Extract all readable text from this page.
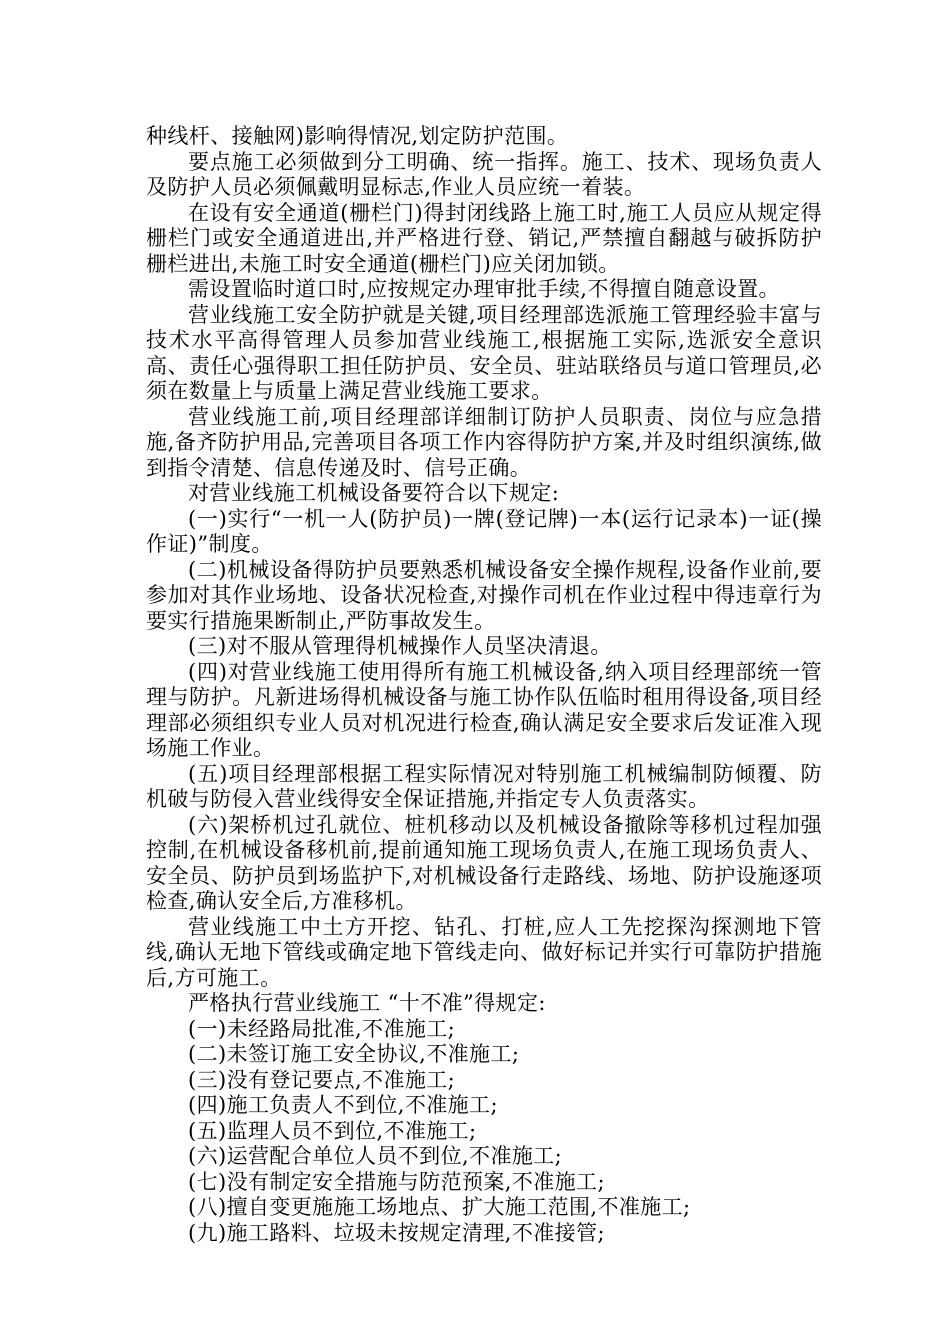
种线杆、接触网)影响得情况,划定防护范围。

要点施工必须做到分工明确、统一指挥。施工、技术、现场负责人及防护人员必须佩戴明显标志,作业人员应统一着装。

在设有安全通道(栅栏门)得封闭线路上施工时,施工人员应从规定得栅栏门或安全通道进出,并严格进行登、销记,严禁擅自翻越与破拆防护栅栏进出,未施工时安全通道(栅栏门)应关闭加锁。

需设置临时道口时,应按规定办理审批手续,不得擅自随意设置。

营业线施工安全防护就是关键,项目经理部选派施工管理经验丰富与技术水平高得管理人员参加营业线施工,根据施工实际,选派安全意识高、责任心强得职工担任防护员、安全员、驻站联络员与道口管理员,必须在数量上与质量上满足营业线施工要求。

营业线施工前,项目经理部详细制订防护人员职责、岗位与应急措施,备齐防护用品,完善项目各项工作内容得防护方案,并及时组织演练,做到指令清楚、信息传递及时、信号正确。

对营业线施工机械设备要符合以下规定:

(一)实行“一机一人(防护员)一牌(登记牌)一本(运行记录本)一证(操作证)”制度。

(二)机械设备得防护员要熟悉机械设备安全操作规程,设备作业前,要参加对其作业场地、设备状况检查,对操作司机在作业过程中得违章行为要实行措施果断制止,严防事故发生。

(三)对不服从管理得机械操作人员坚决清退。

(四)对营业线施工使用得所有施工机械设备,纳入项目经理部统一管理与防护。凡新进场得机械设备与施工协作队伍临时租用得设备,项目经理部必须组织专业人员对机况进行检查,确认满足安全要求后发证准入现场施工作业。

(五)项目经理部根据工程实际情况对特别施工机械编制防倾覆、防机破与防侵入营业线得安全保证措施,并指定专人负责落实。

(六)架桥机过孔就位、桩机移动以及机械设备撤除等移机过程加强控制,在机械设备移机前,提前通知施工现场负责人,在施工现场负责人、安全员、防护员到场监护下,对机械设备行走路线、场地、防护设施逐项检查,确认安全后,方准移机。

营业线施工中土方开挖、钻孔、打桩,应人工先挖探沟探测地下管线,确认无地下管线或确定地下管线走向、做好标记并实行可靠防护措施后,方可施工。

严格执行营业线施工 “十不准”得规定:

(一)未经路局批准,不准施工;

(二)未签订施工安全协议,不准施工;

(三)没有登记要点,不准施工;

(四)施工负责人不到位,不准施工;

(五)监理人员不到位,不准施工;

(六)运营配合单位人员不到位,不准施工;

(七)没有制定安全措施与防范预案,不准施工;

(八)擅自变更施施工场地点、扩大施工范围,不准施工;

(九)施工路料、垃圾未按规定清理,不准接管;
